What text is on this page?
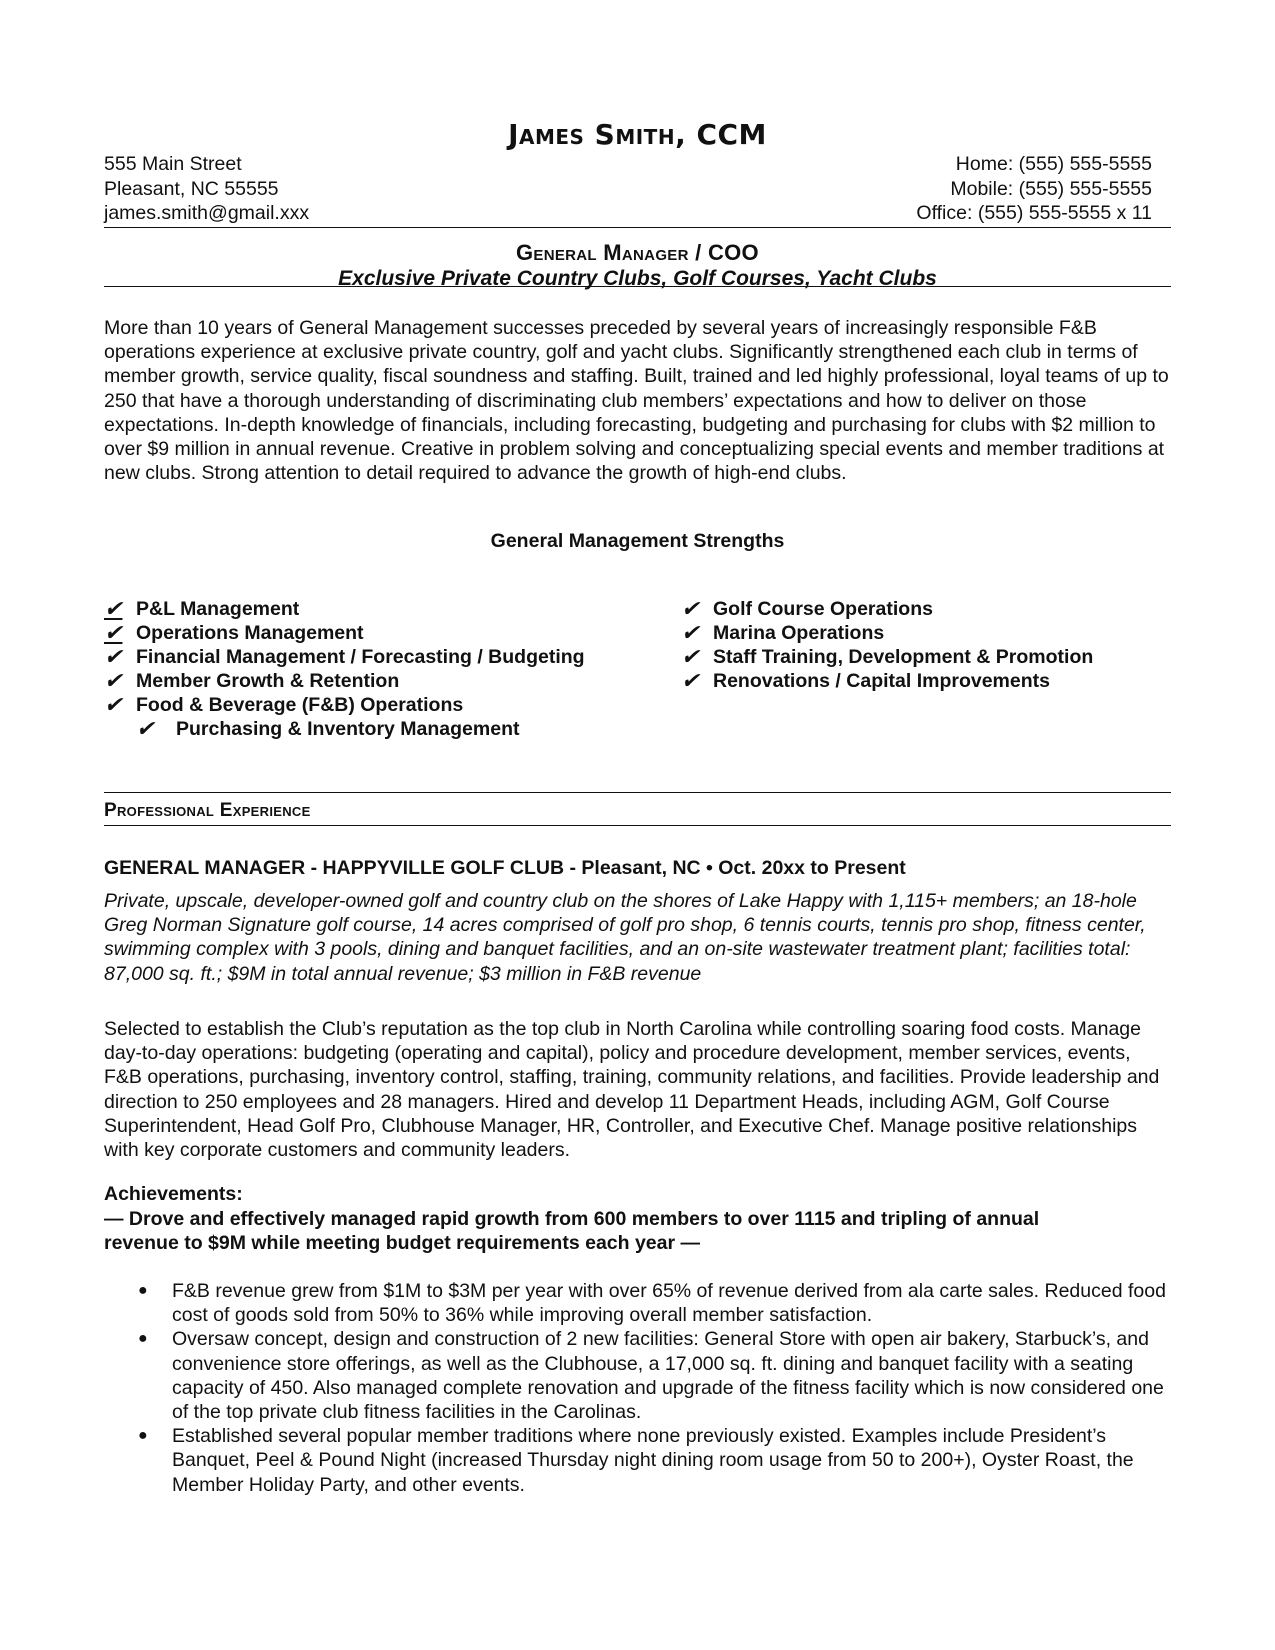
James Smith, CCM
555 Main Street
Pleasant, NC 55555
james.smith@gmail.xxx
Home: (555) 555-5555
Mobile: (555) 555-5555
Office: (555) 555-5555 x 11
General Manager / COO
Exclusive Private Country Clubs, Golf Courses, Yacht Clubs
More than 10 years of General Management successes preceded by several years of increasingly responsible F&B operations experience at exclusive private country, golf and yacht clubs. Significantly strengthened each club in terms of member growth, service quality, fiscal soundness and staffing. Built, trained and led highly professional, loyal teams of up to 250 that have a thorough understanding of discriminating club members’ expectations and how to deliver on those expectations. In-depth knowledge of financials, including forecasting, budgeting and purchasing for clubs with $2 million to over $9 million in annual revenue. Creative in problem solving and conceptualizing special events and member traditions at new clubs. Strong attention to detail required to advance the growth of high-end clubs.
General Management Strengths
✔ P&L Management
✔ Operations Management
✔ Financial Management / Forecasting / Budgeting
✔ Member Growth & Retention
✔ Food & Beverage (F&B) Operations
✔ Purchasing & Inventory Management
✔ Golf Course Operations
✔ Marina Operations
✔ Staff Training, Development & Promotion
✔ Renovations / Capital Improvements
Professional Experience
GENERAL MANAGER - HAPPYVILLE GOLF CLUB - Pleasant, NC • Oct. 20xx to Present
Private, upscale, developer-owned golf and country club on the shores of Lake Happy with 1,115+ members; an 18-hole Greg Norman Signature golf course, 14 acres comprised of golf pro shop, 6 tennis courts, tennis pro shop, fitness center, swimming complex with 3 pools, dining and banquet facilities, and an on-site wastewater treatment plant; facilities total: 87,000 sq. ft.; $9M in total annual revenue; $3 million in F&B revenue
Selected to establish the Club’s reputation as the top club in North Carolina while controlling soaring food costs. Manage day-to-day operations: budgeting (operating and capital), policy and procedure development, member services, events, F&B operations, purchasing, inventory control, staffing, training, community relations, and facilities. Provide leadership and direction to 250 employees and 28 managers. Hired and develop 11 Department Heads, including AGM, Golf Course Superintendent, Head Golf Pro, Clubhouse Manager, HR, Controller, and Executive Chef. Manage positive relationships with key corporate customers and community leaders.
Achievements:
— Drove and effectively managed rapid growth from 600 members to over 1115 and tripling of annual revenue to $9M while meeting budget requirements each year —
● F&B revenue grew from $1M to $3M per year with over 65% of revenue derived from ala carte sales. Reduced food cost of goods sold from 50% to 36% while improving overall member satisfaction.
● Oversaw concept, design and construction of 2 new facilities: General Store with open air bakery, Starbuck’s, and convenience store offerings, as well as the Clubhouse, a 17,000 sq. ft. dining and banquet facility with a seating capacity of 450. Also managed complete renovation and upgrade of the fitness facility which is now considered one of the top private club fitness facilities in the Carolinas.
● Established several popular member traditions where none previously existed. Examples include President’s Banquet, Peel & Pound Night (increased Thursday night dining room usage from 50 to 200+), Oyster Roast, the Member Holiday Party, and other events.
